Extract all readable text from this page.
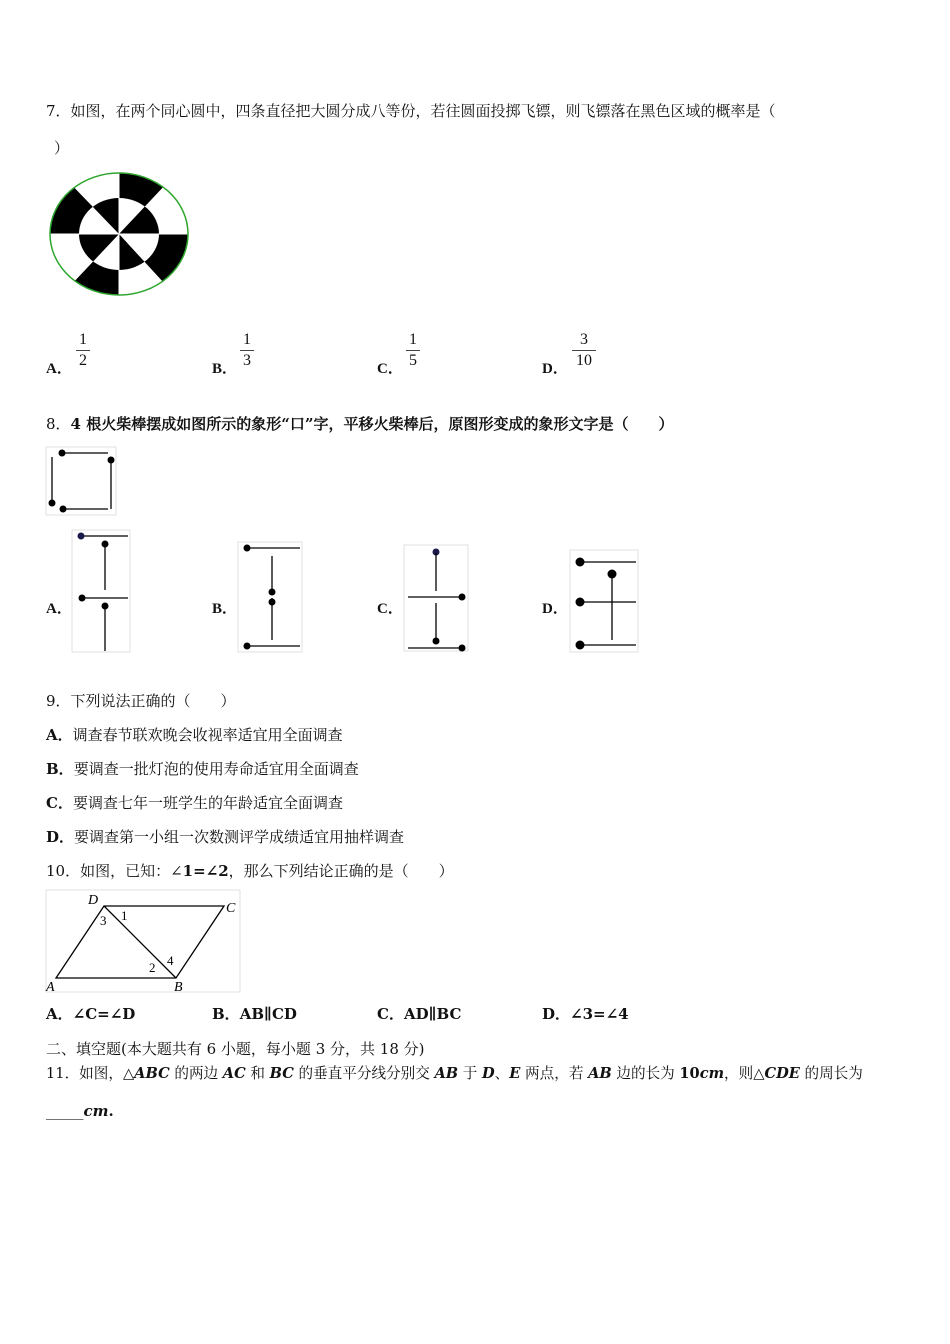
7．如图，在两个同心圆中，四条直径把大圆分成八等份，若往圆面投掷飞镖，则飞镖落在黑色区域的概率是（
）
A．
1
2	B．
1
3	C．
1
5	D．
3
10
8．4 根火柴棒摆成如图所示的象形“口”字，平移火柴棒后，原图形变成的象形文字是（　　）
A．	B．	C．	D．
9．下列说法正确的（　　）
A．调查春节联欢晚会收视率适宜用全面调查
B．要调查一批灯泡的使用寿命适宜用全面调查
C．要调查七年一班学生的年龄适宜全面调查
D．要调查第一小组一次数测评学成绩适宜用抽样调查
10．如图，已知：∠1=∠2，那么下列结论正确的是（　　）
D
C
A	B
1
3
2 4
A．∠C=∠D	B．AB∥CD	C．AD∥BC	D．∠3=∠4
二、填空题(本大题共有 6 小题，每小题 3 分，共 18 分)
11．如图，△ABC 的两边 AC 和 BC 的垂直平分线分别交 AB 于 D、E 两点，若 AB 边的长为 10cm，则△CDE 的周长为
_____cm.
